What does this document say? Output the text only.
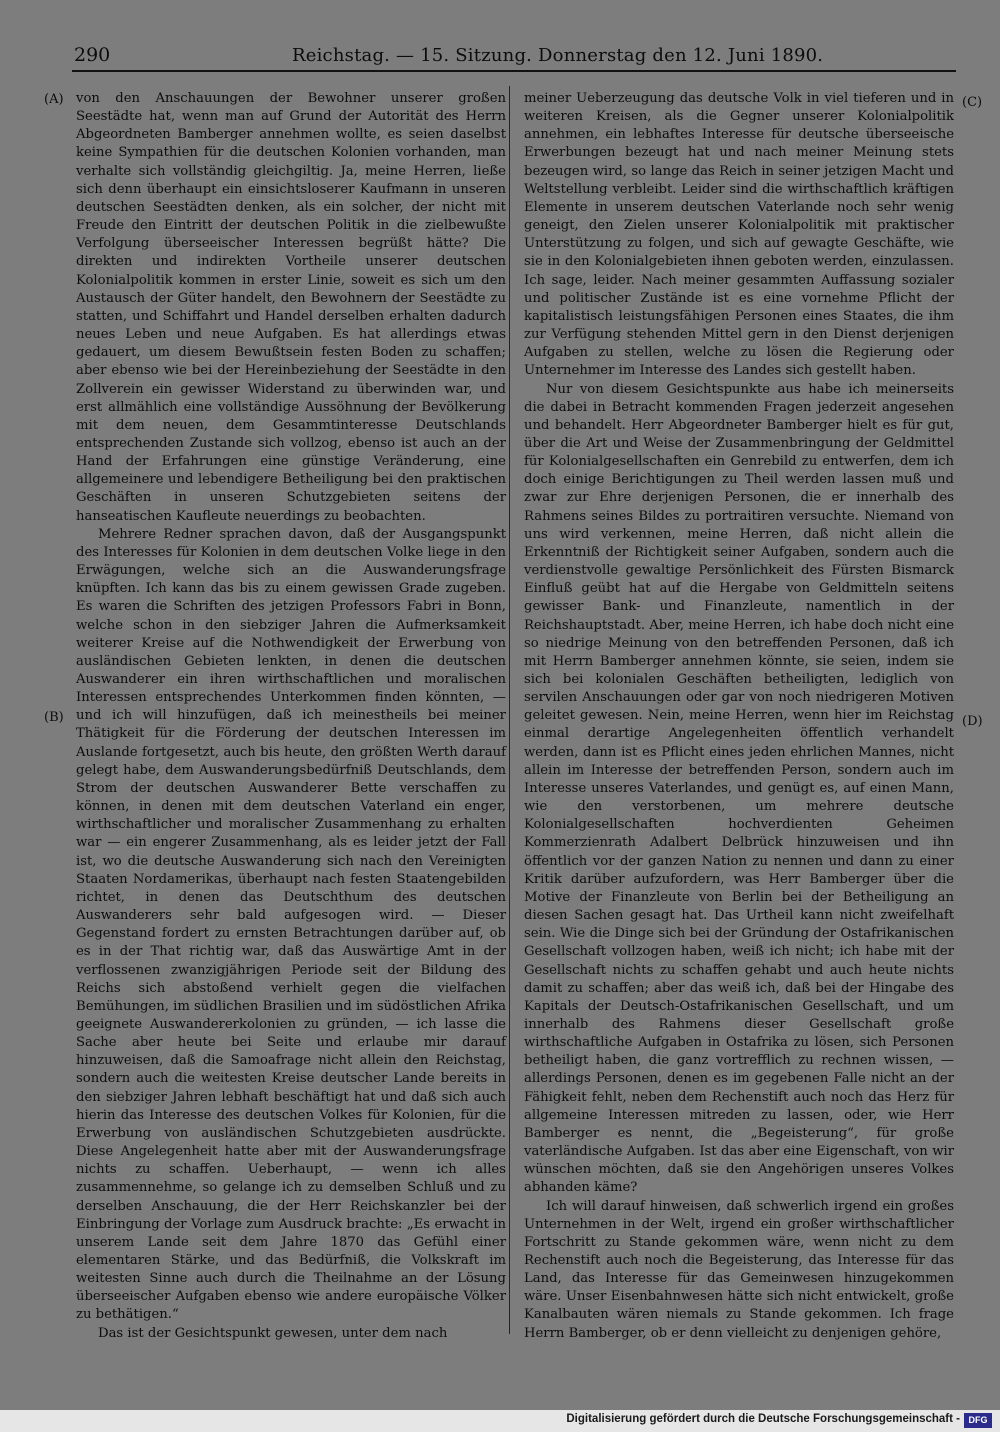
290	Reichstag. — 15. Sitzung. Donnerstag den 12. Juni 1890.
(A)
(B)
(C)
(D)

von den Anschauungen der Bewohner unserer großen Seestädte hat, wenn man auf Grund der Autorität des Herrn Abgeordneten Bamberger annehmen wollte, es seien daselbst keine Sympathien für die deutschen Kolonien vorhanden, man verhalte sich vollständig gleichgiltig. Ja, meine Herren, ließe sich denn überhaupt ein einsichtsloserer Kaufmann in unseren deutschen Seestädten denken, als ein solcher, der nicht mit Freude den Eintritt der deutschen Politik in die zielbewußte Verfolgung überseeischer Interessen begrüßt hätte? Die direkten und indirekten Vortheile unserer deutschen Kolonialpolitik kommen in erster Linie, soweit es sich um den Austausch der Güter handelt, den Bewohnern der Seestädte zu statten, und Schiffahrt und Handel derselben erhalten dadurch neues Leben und neue Aufgaben. Es hat allerdings etwas gedauert, um diesem Bewußtsein festen Boden zu schaffen; aber ebenso wie bei der Hereinbeziehung der Seestädte in den Zollverein ein gewisser Widerstand zu überwinden war, und erst allmählich eine vollständige Aussöhnung der Bevölkerung mit dem neuen, dem Gesammtinteresse Deutschlands entsprechenden Zustande sich vollzog, ebenso ist auch an der Hand der Erfahrungen eine günstige Veränderung, eine allgemeinere und lebendigere Betheiligung bei den praktischen Geschäften in unseren Schutzgebieten seitens der hanseatischen Kaufleute neuerdings zu beobachten.

Mehrere Redner sprachen davon, daß der Ausgangspunkt des Interesses für Kolonien in dem deutschen Volke liege in den Erwägungen, welche sich an die Auswanderungsfrage knüpften. Ich kann das bis zu einem gewissen Grade zugeben. Es waren die Schriften des jetzigen Professors Fabri in Bonn, welche schon in den siebziger Jahren die Aufmerksamkeit weiterer Kreise auf die Nothwendigkeit der Erwerbung von ausländischen Gebieten lenkten, in denen die deutschen Auswanderer ein ihren wirthschaftlichen und moralischen Interessen entsprechendes Unterkommen finden könnten, — und ich will hinzufügen, daß ich meinestheils bei meiner Thätigkeit für die Förderung der deutschen Interessen im Auslande fortgesetzt, auch bis heute, den größten Werth darauf gelegt habe, dem Auswanderungsbedürfniß Deutschlands, dem Strom der deutschen Auswanderer Bette verschaffen zu können, in denen mit dem deutschen Vaterland ein enger, wirthschaftlicher und moralischer Zusammenhang zu erhalten war — ein engerer Zusammenhang, als es leider jetzt der Fall ist, wo die deutsche Auswanderung sich nach den Vereinigten Staaten Nordamerikas, überhaupt nach festen Staatengebilden richtet, in denen das Deutschthum des deutschen Auswanderers sehr bald aufgesogen wird. — Dieser Gegenstand fordert zu ernsten Betrachtungen darüber auf, ob es in der That richtig war, daß das Auswärtige Amt in der verflossenen zwanzigjährigen Periode seit der Bildung des Reichs sich abstoßend verhielt gegen die vielfachen Bemühungen, im südlichen Brasilien und im südöstlichen Afrika geeignete Auswandererkolonien zu gründen, — ich lasse die Sache aber heute bei Seite und erlaube mir darauf hinzuweisen, daß die Samoafrage nicht allein den Reichstag, sondern auch die weitesten Kreise deutscher Lande bereits in den siebziger Jahren lebhaft beschäftigt hat und daß sich auch hierin das Interesse des deutschen Volkes für Kolonien, für die Erwerbung von ausländischen Schutzgebieten ausdrückte. Diese Angelegenheit hatte aber mit der Auswanderungsfrage nichts zu schaffen. Ueberhaupt, — wenn ich alles zusammennehme, so gelange ich zu demselben Schluß und zu derselben Anschauung, die der Herr Reichskanzler bei der Einbringung der Vorlage zum Ausdruck brachte: „Es erwacht in unserem Lande seit dem Jahre 1870 das Gefühl einer elementaren Stärke, und das Bedürfniß, die Volkskraft im weitesten Sinne auch durch die Theilnahme an der Lösung überseeischer Aufgaben ebenso wie andere europäische Völker zu bethätigen.“

Das ist der Gesichtspunkt gewesen, unter dem nach

meiner Ueberzeugung das deutsche Volk in viel tieferen und in weiteren Kreisen, als die Gegner unserer Kolonialpolitik annehmen, ein lebhaftes Interesse für deutsche überseeische Erwerbungen bezeugt hat und nach meiner Meinung stets bezeugen wird, so lange das Reich in seiner jetzigen Macht und Weltstellung verbleibt. Leider sind die wirthschaftlich kräftigen Elemente in unserem deutschen Vaterlande noch sehr wenig geneigt, den Zielen unserer Kolonialpolitik mit praktischer Unterstützung zu folgen, und sich auf gewagte Geschäfte, wie sie in den Kolonialgebieten ihnen geboten werden, einzulassen. Ich sage, leider. Nach meiner gesammten Auffassung sozialer und politischer Zustände ist es eine vornehme Pflicht der kapitalistisch leistungsfähigen Personen eines Staates, die ihm zur Verfügung stehenden Mittel gern in den Dienst derjenigen Aufgaben zu stellen, welche zu lösen die Regierung oder Unternehmer im Interesse des Landes sich gestellt haben.

Nur von diesem Gesichtspunkte aus habe ich meinerseits die dabei in Betracht kommenden Fragen jederzeit angesehen und behandelt. Herr Abgeordneter Bamberger hielt es für gut, über die Art und Weise der Zusammenbringung der Geldmittel für Kolonialgesellschaften ein Genrebild zu entwerfen, dem ich doch einige Berichtigungen zu Theil werden lassen muß und zwar zur Ehre derjenigen Personen, die er innerhalb des Rahmens seines Bildes zu portraitiren versuchte. Niemand von uns wird verkennen, meine Herren, daß nicht allein die Erkenntniß der Richtigkeit seiner Aufgaben, sondern auch die verdienstvolle gewaltige Persönlichkeit des Fürsten Bismarck Einfluß geübt hat auf die Hergabe von Geldmitteln seitens gewisser Bank- und Finanzleute, namentlich in der Reichshauptstadt. Aber, meine Herren, ich habe doch nicht eine so niedrige Meinung von den betreffenden Personen, daß ich mit Herrn Bamberger annehmen könnte, sie seien, indem sie sich bei kolonialen Geschäften betheiligten, lediglich von servilen Anschauungen oder gar von noch niedrigeren Motiven geleitet gewesen. Nein, meine Herren, wenn hier im Reichstag einmal derartige Angelegenheiten öffentlich verhandelt werden, dann ist es Pflicht eines jeden ehrlichen Mannes, nicht allein im Interesse der betreffenden Person, sondern auch im Interesse unseres Vaterlandes, und genügt es, auf einen Mann, wie den verstorbenen, um mehrere deutsche Kolonialgesellschaften hochverdienten Geheimen Kommerzienrath Adalbert Delbrück hinzuweisen und ihn öffentlich vor der ganzen Nation zu nennen und dann zu einer Kritik darüber aufzufordern, was Herr Bamberger über die Motive der Finanzleute von Berlin bei der Betheiligung an diesen Sachen gesagt hat. Das Urtheil kann nicht zweifelhaft sein. Wie die Dinge sich bei der Gründung der Ostafrikanischen Gesellschaft vollzogen haben, weiß ich nicht; ich habe mit der Gesellschaft nichts zu schaffen gehabt und auch heute nichts damit zu schaffen; aber das weiß ich, daß bei der Hingabe des Kapitals der Deutsch-Ostafrikanischen Gesellschaft, und um innerhalb des Rahmens dieser Gesellschaft große wirthschaftliche Aufgaben in Ostafrika zu lösen, sich Personen betheiligt haben, die ganz vortrefflich zu rechnen wissen, — allerdings Personen, denen es im gegebenen Falle nicht an der Fähigkeit fehlt, neben dem Rechenstift auch noch das Herz für allgemeine Interessen mitreden zu lassen, oder, wie Herr Bamberger es nennt, die „Begeisterung“, für große vaterländische Aufgaben. Ist das aber eine Eigenschaft, von wir wünschen möchten, daß sie den Angehörigen unseres Volkes abhanden käme?

Ich will darauf hinweisen, daß schwerlich irgend ein großes Unternehmen in der Welt, irgend ein großer wirthschaftlicher Fortschritt zu Stande gekommen wäre, wenn nicht zu dem Rechenstift auch noch die Begeisterung, das Interesse für das Land, das Interesse für das Gemeinwesen hinzugekommen wäre. Unser Eisenbahnwesen hätte sich nicht entwickelt, große Kanalbauten wären niemals zu Stande gekommen. Ich frage Herrn Bamberger, ob er denn vielleicht zu denjenigen gehöre,

Digitalisierung gefördert durch die Deutsche Forschungsgemeinschaft - DFG
